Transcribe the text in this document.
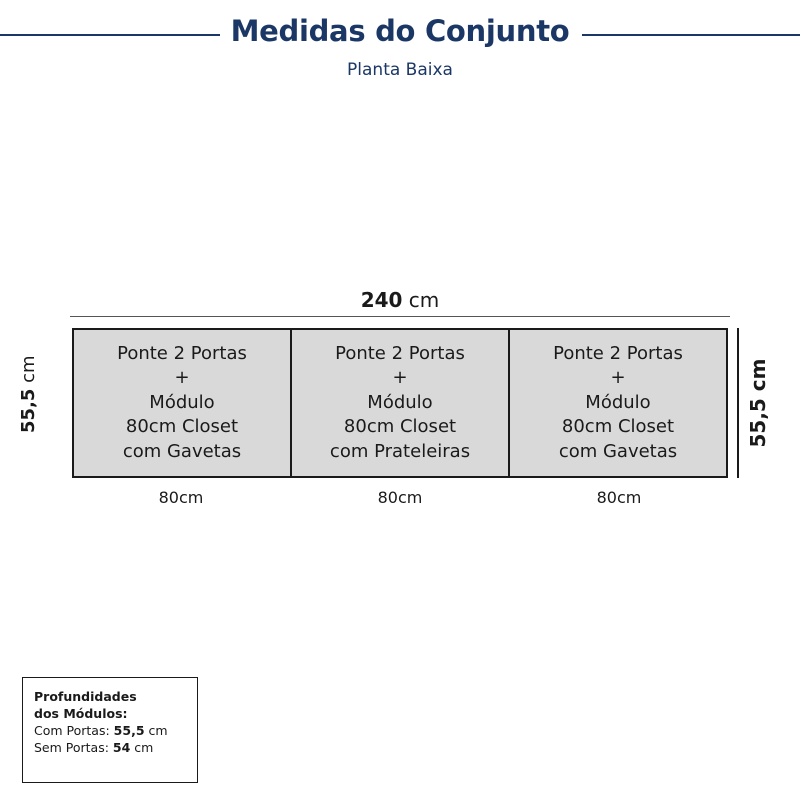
Medidas do Conjunto
Planta Baixa
240 cm
55,5 cm
Ponte 2 Portas
+
Módulo
80cm Closet
com Gavetas
Ponte 2 Portas
+
Módulo
80cm Closet
com Prateleiras
Ponte 2 Portas
+
Módulo
80cm Closet
com Gavetas
55,5 cm
80cm	80cm	80cm
Profundidades
dos Módulos:
Com Portas: 55,5 cm
Sem Portas: 54 cm
